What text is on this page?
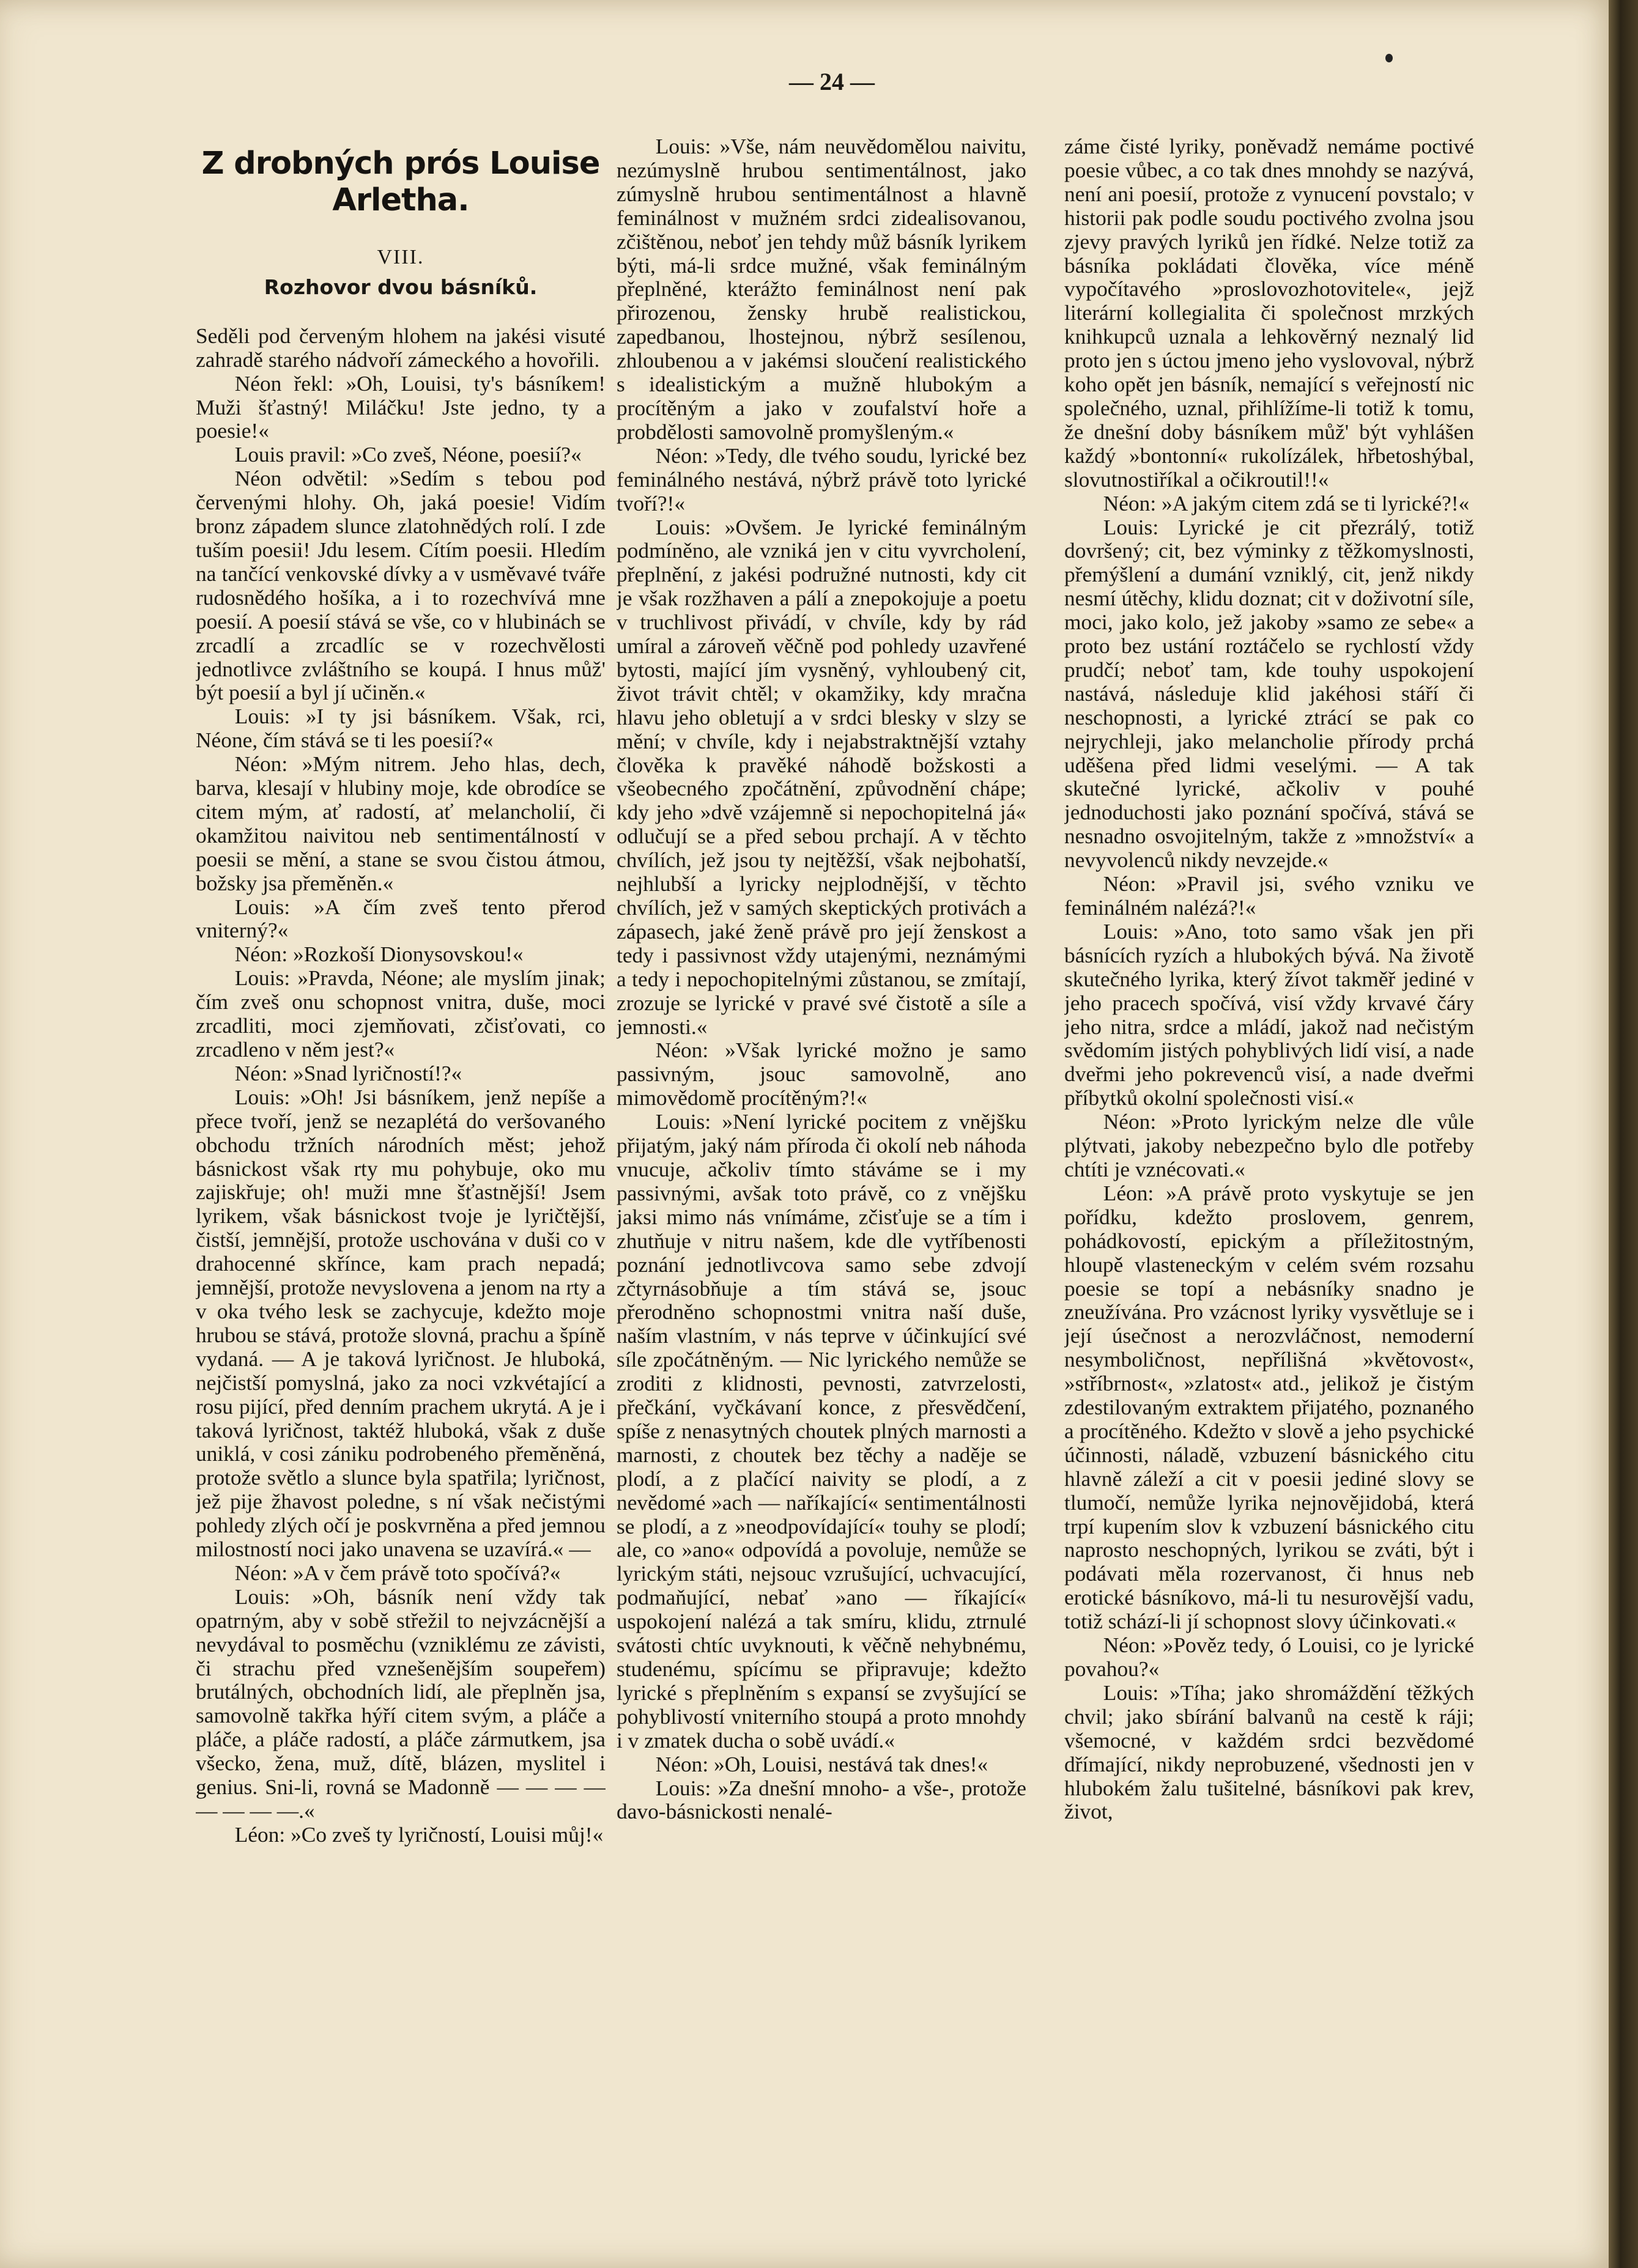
— 24 —
Z drobných prós Louise Arletha.
VIII.
Rozhovor dvou básníků.

Seděli pod červeným hlohem na jakési visuté zahradě starého nádvoří zámeckého a hovořili.

Néon řekl: »Oh, Louisi, ty's básníkem! Muži šťastný! Miláčku! Jste jedno, ty a poesie!«

Louis pravil: »Co zveš, Néone, poesií?«

Néon odvětil: »Sedím s tebou pod červenými hlohy. Oh, jaká poesie! Vidím bronz západem slunce zlatohnědých rolí. I zde tuším poesii! Jdu lesem. Cítím poesii. Hledím na tančící venkovské dívky a v usměvavé tváře rudosnědého hošíka, a i to rozechvívá mne poesií. A poesií stává se vše, co v hlubinách se zrcadlí a zrcadlíc se v rozechvělosti jednotlivce zvláštního se koupá. I hnus můž' být poesií a byl jí učiněn.«

Louis: »I ty jsi básníkem. Však, rci, Néone, čím stává se ti les poesií?«

Néon: »Mým nitrem. Jeho hlas, dech, barva, klesají v hlubiny moje, kde obrodíce se citem mým, ať radostí, ať melancholií, či okamžitou naivitou neb sentimentálností v poesii se mění, a stane se svou čistou átmou, božsky jsa přeměněn.«

Louis: »A čím zveš tento přerod vniterný?«

Néon: »Rozkoší Dionysovskou!«

Louis: »Pravda, Néone; ale myslím jinak; čím zveš onu schopnost vnitra, duše, moci zrcadliti, moci zjemňovati, zčisťovati, co zrcadleno v něm jest?«

Néon: »Snad lyričností!?«

Louis: »Oh! Jsi básníkem, jenž nepíše a přece tvoří, jenž se nezaplétá do veršovaného obchodu tržních národních měst; jehož básnickost však rty mu pohybuje, oko mu zajiskřuje; oh! muži mne šťastnější! Jsem lyrikem, však básnickost tvoje je lyričtější, čistší, jemnější, protože uschována v duši co v drahocenné skřínce, kam prach nepadá; jemnější, protože nevyslovena a jenom na rty a v oka tvého lesk se zachycuje, kdežto moje hrubou se stává, protože slovná, prachu a špíně vydaná. — A je taková lyričnost. Je hluboká, nejčistší pomyslná, jako za noci vzkvétající a rosu pijící, před denním prachem ukrytá. A je i taková lyričnost, taktéž hluboká, však z duše uniklá, v cosi zániku podrobeného přeměněná, protože světlo a slunce byla spatřila; lyričnost, jež pije žhavost poledne, s ní však nečistými pohledy zlých očí je poskvrněna a před jemnou milostností noci jako unavena se uzavírá.« —

Néon: »A v čem právě toto spočívá?«

Louis: »Oh, básník není vždy tak opatrným, aby v sobě střežil to nejvzácnější a nevydával to posměchu (vzniklému ze závisti, či strachu před vznešenějším soupeřem) brutálných, obchodních lidí, ale přeplněn jsa, samovolně takřka hýří citem svým, a pláče a pláče, a pláče radostí, a pláče zármutkem, jsa všecko, žena, muž, dítě, blázen, myslitel i genius. Sni-li, rovná se Madonně — — — — — — — —.«

Léon: »Co zveš ty lyričností, Louisi můj!«

Louis: »Vše, nám neuvědomělou naivitu, nezúmyslně hrubou sentimentálnost, jako zúmyslně hrubou sentimentálnost a hlavně feminálnost v mužném srdci zidealisovanou, zčištěnou, neboť jen tehdy můž básník lyrikem býti, má-li srdce mužné, však feminálným přeplněné, kterážto feminálnost není pak přirozenou, žensky hrubě realistickou, zapedbanou, lhostejnou, nýbrž sesílenou, zhloubenou a v jakémsi sloučení realistického s idealistickým a mužně hlubokým a procítěným a jako v zoufalství hoře a probdělosti samovolně promyšleným.«

Néon: »Tedy, dle tvého soudu, lyrické bez feminálného nestává, nýbrž právě toto lyrické tvoří?!«

Louis: »Ovšem. Je lyrické feminálným podmíněno, ale vzniká jen v citu vyvrcholení, přeplnění, z jakési podružné nutnosti, kdy cit je však rozžhaven a pálí a znepokojuje a poetu v truchlivost přivádí, v chvíle, kdy by rád umíral a zároveň věčně pod pohledy uzavřené bytosti, mající jím vysněný, vyhloubený cit, život trávit chtěl; v okamžiky, kdy mračna hlavu jeho obletují a v srdci blesky v slzy se mění; v chvíle, kdy i nejabstraktnější vztahy člověka k pravěké náhodě božskosti a všeobecného zpočátnění, způvodnění chápe; kdy jeho »dvě vzájemně si nepochopitelná já« odlučují se a před sebou prchají. A v těchto chvílích, jež jsou ty nejtěžší, však nejbohatší, nejhlubší a lyricky nejplodnější, v těchto chvílích, jež v samých skeptických protivách a zápasech, jaké ženě právě pro její ženskost a tedy i passivnost vždy utajenými, neznámými a tedy i nepochopitelnými zůstanou, se zmítají, zrozuje se lyrické v pravé své čistotě a síle a jemnosti.«

Néon: »Však lyrické možno je samo passivným, jsouc samovolně, ano mimovědomě procítěným?!«

Louis: »Není lyrické pocitem z vnějšku přijatým, jaký nám příroda či okolí neb náhoda vnucuje, ačkoliv tímto stáváme se i my passivnými, avšak toto právě, co z vnějšku jaksi mimo nás vnímáme, zčisťuje se a tím i zhutňuje v nitru našem, kde dle vytříbenosti poznání jednotlivcova samo sebe zdvojí zčtyrnásobňuje a tím stává se, jsouc přerodněno schopnostmi vnitra naší duše, naším vlastním, v nás teprve v účinkující své síle zpočátněným. — Nic lyrického nemůže se zroditi z klidnosti, pevnosti, zatvrzelosti, přečkání, vyčkávaní konce, z přesvědčení, spíše z nenasytných choutek plných marnosti a marnosti, z choutek bez těchy a naděje se plodí, a z plačící naivity se plodí, a z nevědomé »ach — naříkající« sentimentálnosti se plodí, a z »neodpovídající« touhy se plodí; ale, co »ano« odpovídá a povoluje, nemůže se lyrickým státi, nejsouc vzrušující, uchvacující, podmaňující, nebať »ano — říkající« uspokojení nalézá a tak smíru, klidu, ztrnulé svátosti chtíc uvyknouti, k věčně nehybnému, studenému, spícímu se připravuje; kdežto lyrické s přeplněním s expansí se zvyšující se pohyblivostí vniterního stoupá a proto mnohdy i v zmatek ducha o sobě uvádí.«

Néon: »Oh, Louisi, nestává tak dnes!«

Louis: »Za dnešní mnoho- a vše-, protože davo-básnickosti nenalé-

záme čisté lyriky, poněvadž nemáme poctivé poesie vůbec, a co tak dnes mnohdy se nazývá, není ani poesií, protože z vynucení povstalo; v historii pak podle soudu poctivého zvolna jsou zjevy pravých lyriků jen řídké. Nelze totiž za básníka pokládati člověka, více méně vypočítavého »proslovozhotovitele«, jejž literární kollegialita či společnost mrzkých knihkupců uznala a lehkověrný neznalý lid proto jen s úctou jmeno jeho vyslovoval, nýbrž koho opět jen básník, nemající s veřejností nic společného, uznal, přihlížíme-li totiž k tomu, že dnešní doby básníkem můž' být vyhlášen každý »bontonní« rukolízálek, hřbetoshýbal, slovutnostiříkal a očikroutil!!«

Néon: »A jakým citem zdá se ti lyrické?!«

Louis: Lyrické je cit přezrálý, totiž dovršený; cit, bez výminky z těžkomyslnosti, přemýšlení a dumání vzniklý, cit, jenž nikdy nesmí útěchy, klidu doznat; cit v doživotní síle, moci, jako kolo, jež jakoby »samo ze sebe« a proto bez ustání roztáčelo se rychlostí vždy prudčí; neboť tam, kde touhy uspokojení nastává, následuje klid jakéhosi stáří či neschopnosti, a lyrické ztrácí se pak co nejrychleji, jako melancholie přírody prchá uděšena před lidmi veselými. — A tak skutečné lyrické, ačkoliv v pouhé jednoduchosti jako poznání spočívá, stává se nesnadno osvojitelným, takže z »množství« a nevyvolenců nikdy nevzejde.«

Néon: »Pravil jsi, svého vzniku ve feminálném nalézá?!«

Louis: »Ano, toto samo však jen při básnících ryzích a hlubokých bývá. Na životě skutečného lyrika, který žívot takměř jediné v jeho pracech spočívá, visí vždy krvavé čáry jeho nitra, srdce a mládí, jakož nad nečistým svědomím jistých pohyblivých lidí visí, a nade dveřmi jeho pokrevenců visí, a nade dveřmi příbytků okolní společnosti visí.«

Néon: »Proto lyrickým nelze dle vůle plýtvati, jakoby nebezpečno bylo dle potřeby chtíti je vznécovati.«

Léon: »A právě proto vyskytuje se jen pořídku, kdežto proslovem, genrem, pohádkovostí, epickým a příležitostným, hloupě vlasteneckým v celém svém rozsahu poesie se topí a nebásníky snadno je zneužívána. Pro vzácnost lyriky vysvětluje se i její úsečnost a nerozvláčnost, nemoderní nesymboličnost, nepřílišná »květovost«, »stříbrnost«, »zlatost« atd., jelikož je čistým zdestilovaným extraktem přijatého, poznaného a procítěného. Kdežto v slově a jeho psychické účinnosti, náladě, vzbuzení básnického citu hlavně záleží a cit v poesii jediné slovy se tlumočí, nemůže lyrika nejnovějidobá, která trpí kupením slov k vzbuzení básnického citu naprosto neschopných, lyrikou se zváti, být i podávati měla rozervanost, či hnus neb erotické básníkovo, má-li tu nesurovější vadu, totiž schází-li jí schopnost slovy účinkovati.«

Néon: »Pověz tedy, ó Louisi, co je lyrické povahou?«

Louis: »Tíha; jako shromáždění těžkých chvil; jako sbírání balvanů na cestě k ráji; všemocné, v každém srdci bezvědomé dřímající, nikdy neprobuzené, všednosti jen v hlubokém žalu tušitelné, básníkovi pak krev, život,
